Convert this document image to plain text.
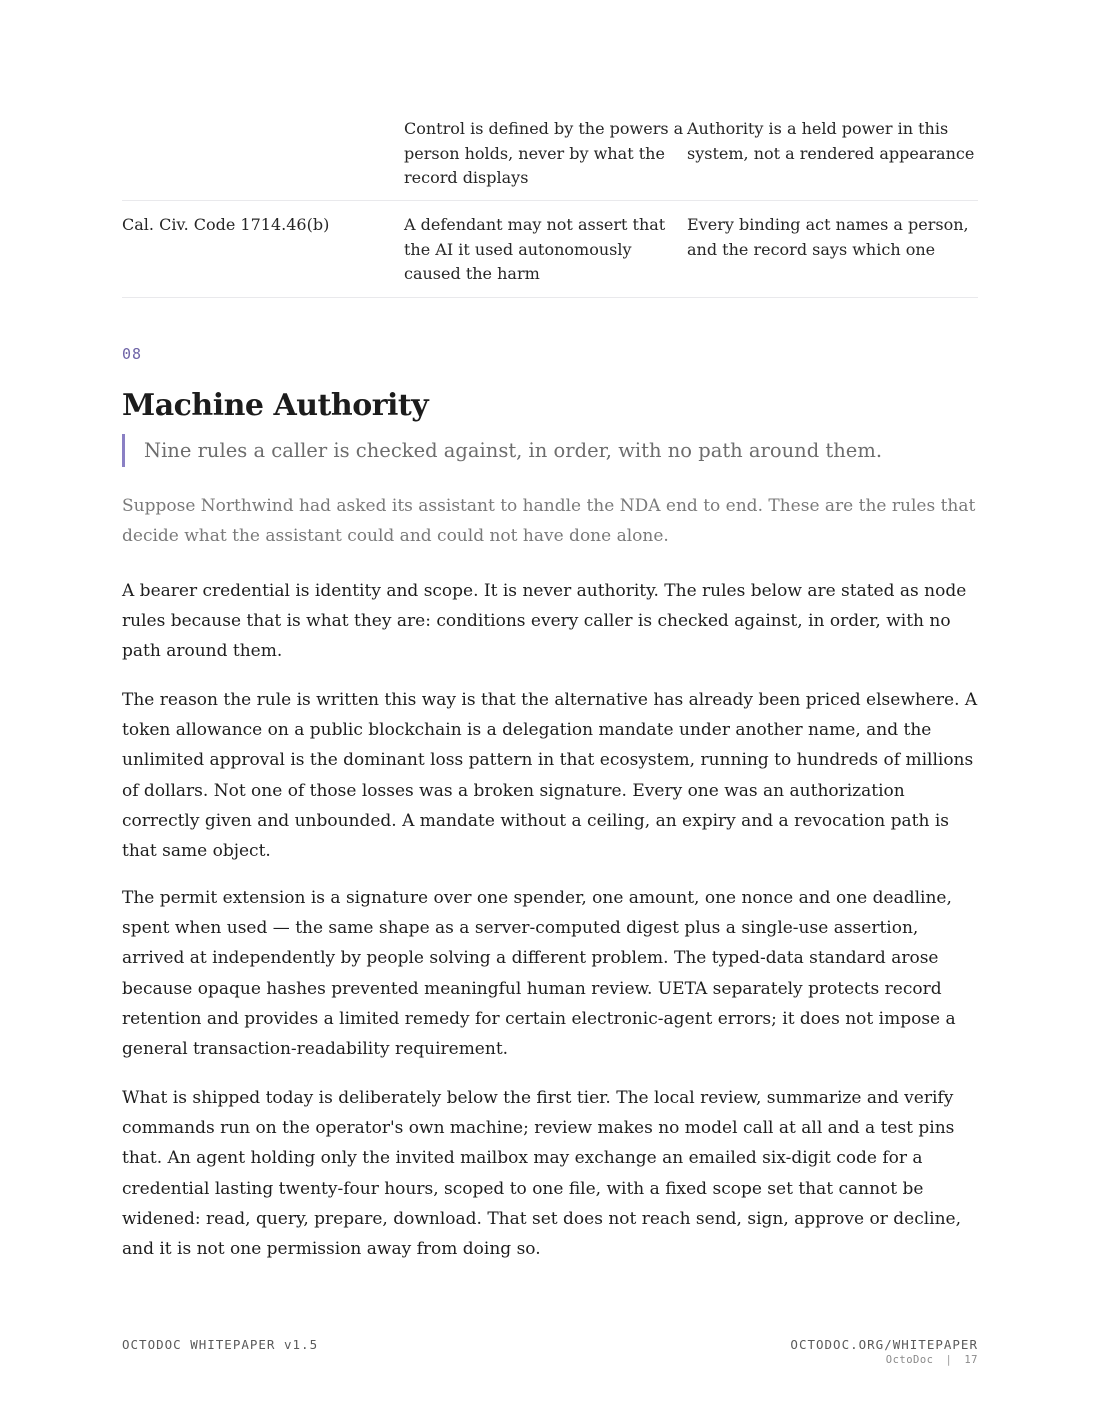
Control is defined by the powers a person holds, never by what the record displays
Authority is a held power in this system, not a rendered appearance
Cal. Civ. Code 1714.46(b)	A defendant may not assert that the AI it used autonomously caused the harm
Every binding act names a person, and the record says which one
08
Machine Authority
Nine rules a caller is checked against, in order, with no path around them.

Suppose Northwind had asked its assistant to handle the NDA end to end. These are the rules that decide what the assistant could and could not have done alone.

A bearer credential is identity and scope. It is never authority. The rules below are stated as node rules because that is what they are: conditions every caller is checked against, in order, with no path around them.

The reason the rule is written this way is that the alternative has already been priced elsewhere. A token allowance on a public blockchain is a delegation mandate under another name, and the unlimited approval is the dominant loss pattern in that ecosystem, running to hundreds of millions of dollars. Not one of those losses was a broken signature. Every one was an authorization correctly given and unbounded. A mandate without a ceiling, an expiry and a revocation path is that same object.

The permit extension is a signature over one spender, one amount, one nonce and one deadline, spent when used — the same shape as a server-computed digest plus a single-use assertion, arrived at independently by people solving a different problem. The typed-data standard arose because opaque hashes prevented meaningful human review. UETA separately protects record retention and provides a limited remedy for certain electronic-agent errors; it does not impose a general transaction-readability requirement.

What is shipped today is deliberately below the first tier. The local review, summarize and verify commands run on the operator's own machine; review makes no model call at all and a test pins that. An agent holding only the invited mailbox may exchange an emailed six-digit code for a credential lasting twenty-four hours, scoped to one file, with a fixed scope set that cannot be widened: read, query, prepare, download. That set does not reach send, sign, approve or decline, and it is not one permission away from doing so.

OCTODOC WHITEPAPER v1.5	OCTODOC.ORG/WHITEPAPER
OctoDoc | 17
